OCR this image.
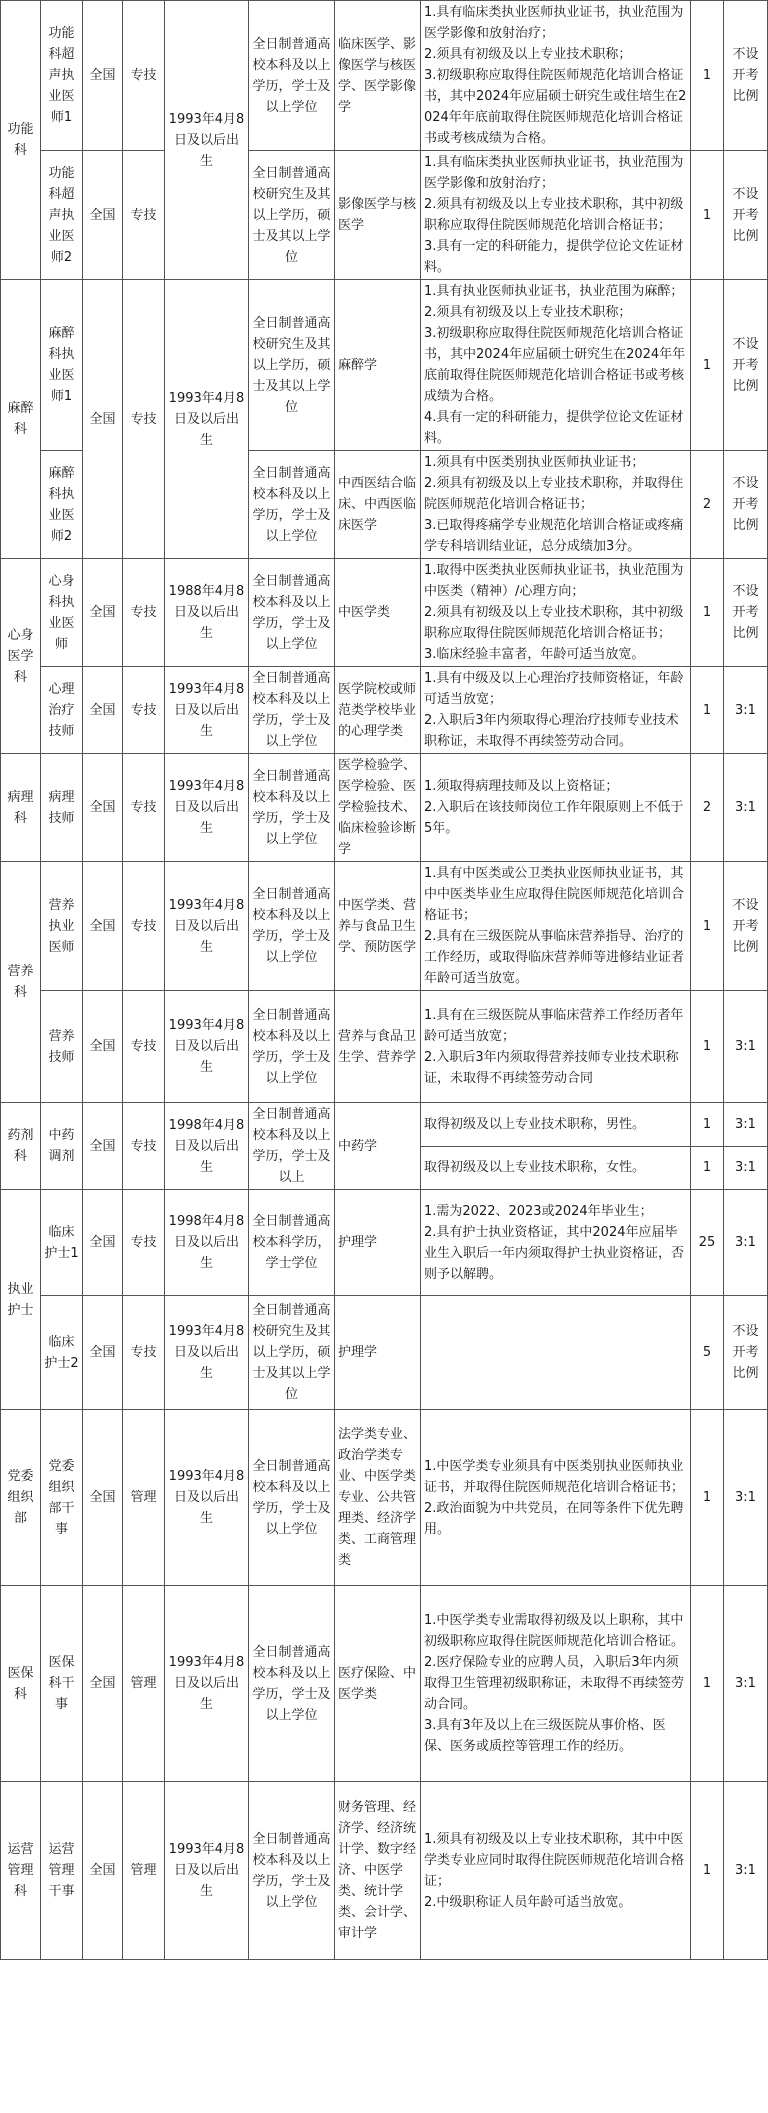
功能科	功能科超声执业医师1	全国	专技	1993年4月8日及以后出生	全日制普通高校本科及以上学历，学士及以上学位	临床医学、影像医学与核医学、医学影像学	1.具有临床类执业医师执业证书，执业范围为医学影像和放射治疗；
2.须具有初级及以上专业技术职称；
3.初级职称应取得住院医师规范化培训合格证书，其中2024年应届硕士研究生或住培生在2024年年底前取得住院医师规范化培训合格证书或考核成绩为合格。	1	不设开考比例
	功能科超声执业医师2	全国	专技		全日制普通高校研究生及其以上学历，硕士及其以上学位	影像医学与核医学	1.具有临床类执业医师执业证书，执业范围为医学影像和放射治疗；
2.须具有初级及以上专业技术职称，其中初级职称应取得住院医师规范化培训合格证书；
3.具有一定的科研能力，提供学位论文佐证材料。	1	不设开考比例
麻醉科	麻醉科执业医师1	全国	专技	1993年4月8日及以后出生	全日制普通高校研究生及其以上学历，硕士及其以上学位	麻醉学	1.具有执业医师执业证书，执业范围为麻醉；
2.须具有初级及以上专业技术职称；
3.初级职称应取得住院医师规范化培训合格证书，其中2024年应届硕士研究生在2024年年底前取得住院医师规范化培训合格证书或考核成绩为合格。
4.具有一定的科研能力，提供学位论文佐证材料。	1	不设开考比例
	麻醉科执业医师2				全日制普通高校本科及以上学历，学士及以上学位	中西医结合临床、中西医临床医学	1.须具有中医类别执业医师执业证书；
2.须具有初级及以上专业技术职称，并取得住院医师规范化培训合格证书；
3.已取得疼痛学专业规范化培训合格证或疼痛学专科培训结业证，总分成绩加3分。	2	不设开考比例
心身医学科	心身科执业医师	全国	专技	1988年4月8日及以后出生	全日制普通高校本科及以上学历，学士及以上学位	中医学类	1.取得中医类执业医师执业证书，执业范围为中医类（精神）/心理方向；
2.须具有初级及以上专业技术职称，其中初级职称应取得住院医师规范化培训合格证书；
3.临床经验丰富者，年龄可适当放宽。	1	不设开考比例
	心理治疗技师	全国	专技	1993年4月8日及以后出生	全日制普通高校本科及以上学历，学士及以上学位	医学院校或师范类学校毕业的心理学类	1.具有中级及以上心理治疗技师资格证，年龄可适当放宽；
2.入职后3年内须取得心理治疗技师专业技术职称证，未取得不再续签劳动合同。	1	3:1
病理科	病理技师	全国	专技	1993年4月8日及以后出生	全日制普通高校本科及以上学历，学士及以上学位	医学检验学、医学检验、医学检验技术、临床检验诊断学	1.须取得病理技师及以上资格证；
2.入职后在该技师岗位工作年限原则上不低于5年。	2	3:1
营养科	营养执业医师	全国	专技	1993年4月8日及以后出生	全日制普通高校本科及以上学历，学士及以上学位	中医学类、营养与食品卫生学、预防医学	1.具有中医类或公卫类执业医师执业证书，其中中医类毕业生应取得住院医师规范化培训合格证书；
2.具有在三级医院从事临床营养指导、治疗的工作经历，或取得临床营养师等进修结业证者年龄可适当放宽。	1	不设开考比例
	营养技师	全国	专技	1993年4月8日及以后出生	全日制普通高校本科及以上学历，学士及以上学位	营养与食品卫生学、营养学	1.具有在三级医院从事临床营养工作经历者年龄可适当放宽；
2.入职后3年内须取得营养技师专业技术职称证，未取得不再续签劳动合同	1	3:1
药剂科	中药调剂	全国	专技	1998年4月8日及以后出生	全日制普通高校本科及以上学历，学士及以上	中药学	取得初级及以上专业技术职称，男性。	1	3:1

							取得初级及以上专业技术职称，女性。	1	3:1
执业护士	临床护士1	全国	专技	1998年4月8日及以后出生	全日制普通高校本科学历，学士学位	护理学	1.需为2022、2023或2024年毕业生；
2.具有护士执业资格证，其中2024年应届毕业生入职后一年内须取得护士执业资格证，否则予以解聘。	25	3:1
	临床护士2	全国	专技	1993年4月8日及以后出生	全日制普通高校研究生及其以上学历，硕士及其以上学位	护理学		5	不设开考比例
党委组织部	党委组织部干事	全国	管理	1993年4月8日及以后出生	全日制普通高校本科及以上学历，学士及以上学位	法学类专业、政治学类专业、中医学类专业、公共管理类、经济学类、工商管理类	1.中医学类专业须具有中医类别执业医师执业证书，并取得住院医师规范化培训合格证书；
2.政治面貌为中共党员，在同等条件下优先聘用。	1	3:1
医保科	医保科干事	全国	管理	1993年4月8日及以后出生	全日制普通高校本科及以上学历，学士及以上学位	医疗保险、中医学类	1.中医学类专业需取得初级及以上职称，其中初级职称应取得住院医师规范化培训合格证。
2.医疗保险专业的应聘人员，入职后3年内须取得卫生管理初级职称证，未取得不再续签劳动合同。
3.具有3年及以上在三级医院从事价格、医保、医务或质控等管理工作的经历。	1	3:1
运营管理科	运营管理干事	全国	管理	1993年4月8日及以后出生	全日制普通高校本科及以上学历，学士及以上学位	财务管理、经济学、经济统计学、数字经济、中医学类、统计学类、会计学、审计学	1.须具有初级及以上专业技术职称，其中中医学类专业应同时取得住院医师规范化培训合格证；
2.中级职称证人员年龄可适当放宽。	1	3:1
